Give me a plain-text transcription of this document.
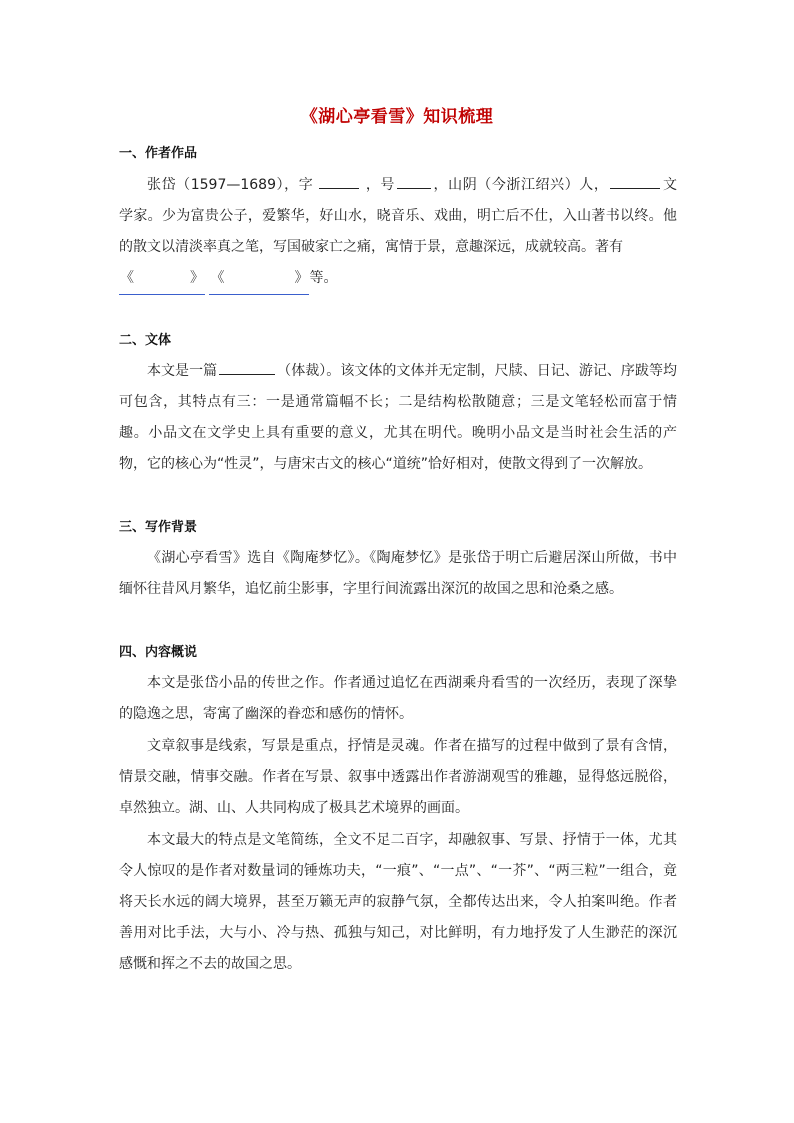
《湖心亭看雪》知识梳理
一、作者作品
张岱（1597—1689），字	，号	，山阴（今浙江绍兴）人，	文学家。少为富贵公子，爱繁华，好山水，晓音乐、戏曲，明亡后不仕，入山著书以终。他的散文以清淡率真之笔，写国破家亡之痛，寓情于景，意趣深远，成就较高。著有
《　　　　》 《　　　　　》等。
二、文体
本文是一篇	（体裁）。该文体的文体并无定制，尺牍、日记、游记、序跋等均可包含，其特点有三：一是通常篇幅不长；二是结构松散随意；三是文笔轻松而富于情趣。小品文在文学史上具有重要的意义，尤其在明代。晚明小品文是当时社会生活的产物，它的核心为“性灵”，与唐宋古文的核心“道统”恰好相对，使散文得到了一次解放。
三、写作背景
《湖心亭看雪》选自《陶庵梦忆》。《陶庵梦忆》是张岱于明亡后避居深山所做，书中缅怀往昔风月繁华，追忆前尘影事，字里行间流露出深沉的故国之思和沧桑之感。
四、内容概说
本文是张岱小品的传世之作。作者通过追忆在西湖乘舟看雪的一次经历，表现了深挚的隐逸之思，寄寓了幽深的眷恋和感伤的情怀。
文章叙事是线索，写景是重点，抒情是灵魂。作者在描写的过程中做到了景有含情，情景交融，情事交融。作者在写景、叙事中透露出作者游湖观雪的雅趣，显得悠远脱俗，卓然独立。湖、山、人共同构成了极具艺术境界的画面。
本文最大的特点是文笔简练，全文不足二百字，却融叙事、写景、抒情于一体，尤其令人惊叹的是作者对数量词的锤炼功夫，“一痕”、“一点”、“一芥”、“两三粒”一组合，竟将天长水远的阔大境界，甚至万籁无声的寂静气氛，全都传达出来，令人拍案叫绝。作者善用对比手法，大与小、冷与热、孤独与知己，对比鲜明，有力地抒发了人生渺茫的深沉感慨和挥之不去的故国之思。
